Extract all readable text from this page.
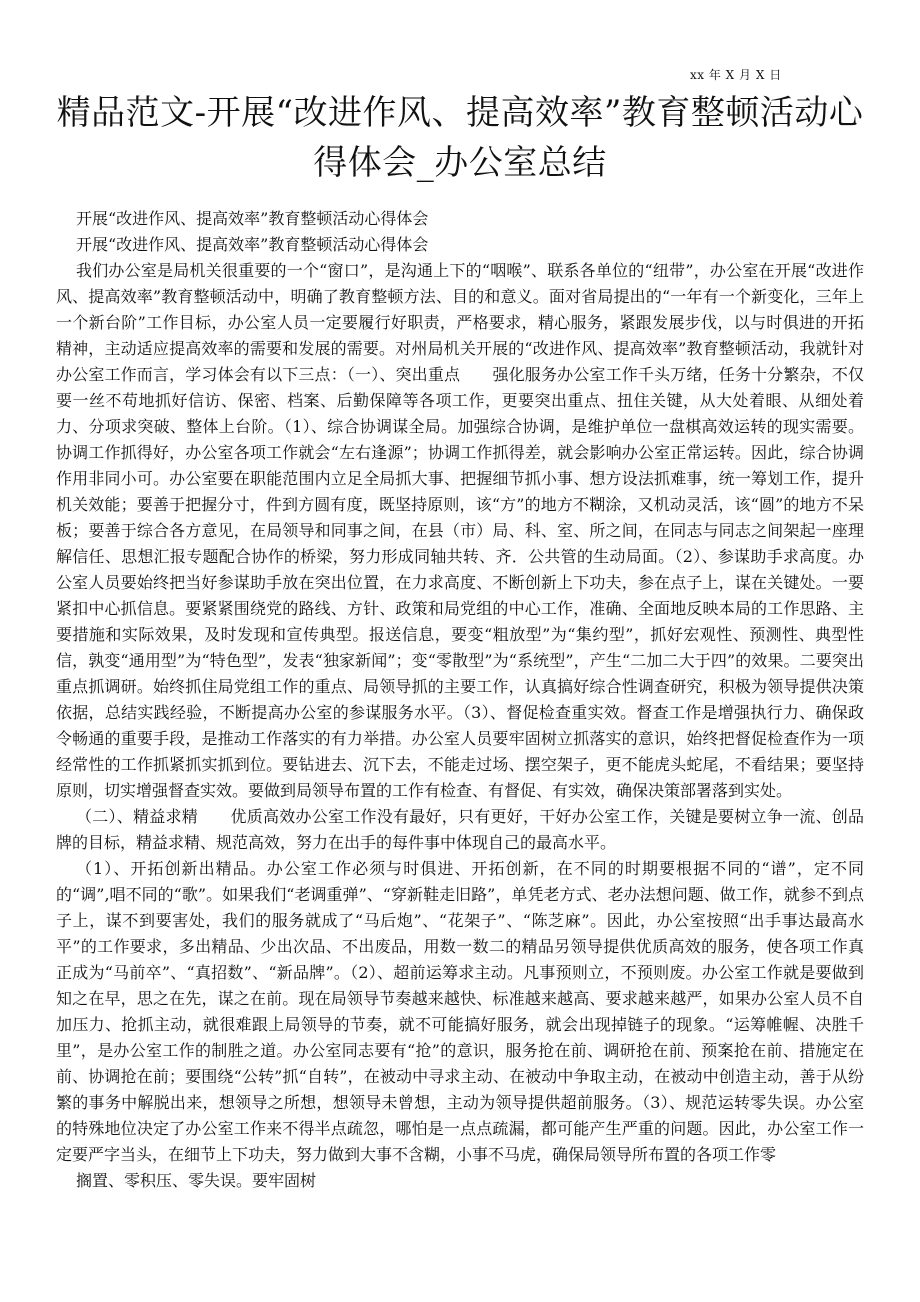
xx 年 X 月 X 日
精品范文-开展“改进作风、提高效率”教育整顿活动心得体会_办公室总结

开展“改进作风、提高效率”教育整顿活动心得体会

开展“改进作风、提高效率”教育整顿活动心得体会

我们办公室是局机关很重要的一个“窗口”，是沟通上下的“咽喉”、联系各单位的“纽带”，办公室在开展“改进作风、提高效率”教育整顿活动中，明确了教育整顿方法、目的和意义。面对省局提出的“一年有一个新变化，三年上一个新台阶”工作目标，办公室人员一定要履行好职责，严格要求，精心服务，紧跟发展步伐，以与时俱进的开拓精神，主动适应提高效率的需要和发展的需要。对州局机关开展的“改进作风、提高效率”教育整顿活动，我就针对办公室工作而言，学习体会有以下三点：（一）、突出重点　　强化服务办公室工作千头万绪，任务十分繁杂，不仅要一丝不苟地抓好信访、保密、档案、后勤保障等各项工作，更要突出重点、扭住关键，从大处着眼、从细处着力、分项求突破、整体上台阶。（1）、综合协调谋全局。加强综合协调，是维护单位一盘棋高效运转的现实需要。协调工作抓得好，办公室各项工作就会“左右逢源”；协调工作抓得差，就会影响办公室正常运转。因此，综合协调作用非同小可。办公室要在职能范围内立足全局抓大事、把握细节抓小事、想方设法抓难事，统一筹划工作，提升机关效能；要善于把握分寸，件到方圆有度，既坚持原则，该“方”的地方不糊涂，又机动灵活，该“圆”的地方不呆板；要善于综合各方意见，在局领导和同事之间，在县（市）局、科、室、所之间，在同志与同志之间架起一座理解信任、思想汇报专题配合协作的桥梁，努力形成同轴共转、齐．公共管的生动局面。（2）、参谋助手求高度。办公室人员要始终把当好参谋助手放在突出位置，在力求高度、不断创新上下功夫，参在点子上，谋在关键处。一要紧扣中心抓信息。要紧紧围绕党的路线、方针、政策和局党组的中心工作，准确、全面地反映本局的工作思路、主要措施和实际效果，及时发现和宣传典型。报送信息，要变“粗放型”为“集约型”，抓好宏观性、预测性、典型性信，孰变“通用型”为“特色型”，发表“独家新闻”；变“零散型”为“系统型”，产生“二加二大于四”的效果。二要突出重点抓调研。始终抓住局党组工作的重点、局领导抓的主要工作，认真搞好综合性调查研究，积极为领导提供决策依据，总结实践经验，不断提高办公室的参谋服务水平。（3）、督促检查重实效。督查工作是增强执行力、确保政令畅通的重要手段，是推动工作落实的有力举措。办公室人员要牢固树立抓落实的意识，始终把督促检查作为一项经常性的工作抓紧抓实抓到位。要钻进去、沉下去，不能走过场、摆空架子，更不能虎头蛇尾，不看结果；要坚持原则，切实增强督查实效。要做到局领导布置的工作有检查、有督促、有实效，确保决策部署落到实处。

（二）、精益求精　　优质高效办公室工作没有最好，只有更好，干好办公室工作，关键是要树立争一流、创品牌的目标，精益求精、规范高效，努力在出手的每件事中体现自己的最高水平。

（1）、开拓创新出精品。办公室工作必须与时俱进、开拓创新，在不同的时期要根据不同的“谱”，定不同的“调”,唱不同的“歌”。如果我们“老调重弹”、“穿新鞋走旧路”，单凭老方式、老办法想问题、做工作，就参不到点子上，谋不到要害处，我们的服务就成了“马后炮”、“花架子”、“陈芝麻”。因此，办公室按照“出手事达最高水平”的工作要求，多出精品、少出次品、不出废品，用数一数二的精品另领导提供优质高效的服务，使各项工作真正成为“马前卒”、“真招数”、“新品牌”。（2）、超前运筹求主动。凡事预则立，不预则废。办公室工作就是要做到知之在早，思之在先，谋之在前。现在局领导节奏越来越快、标准越来越高、要求越来越严，如果办公室人员不自加压力、抢抓主动，就很难跟上局领导的节奏，就不可能搞好服务，就会出现掉链子的现象。“运筹帷幄、决胜千里”，是办公室工作的制胜之道。办公室同志要有“抢”的意识，服务抢在前、调研抢在前、预案抢在前、措施定在前、协调抢在前；要围绕“公转”抓“自转”，在被动中寻求主动、在被动中争取主动，在被动中创造主动，善于从纷繁的事务中解脱出来，想领导之所想，想领导未曾想，主动为领导提供超前服务。（3）、规范运转零失误。办公室的特殊地位决定了办公室工作来不得半点疏忽，哪怕是一点点疏漏，都可能产生严重的问题。因此，办公室工作一定要严字当头，在细节上下功夫，努力做到大事不含糊，小事不马虎，确保局领导所布置的各项工作零

搁置、零积压、零失误。要牢固树
